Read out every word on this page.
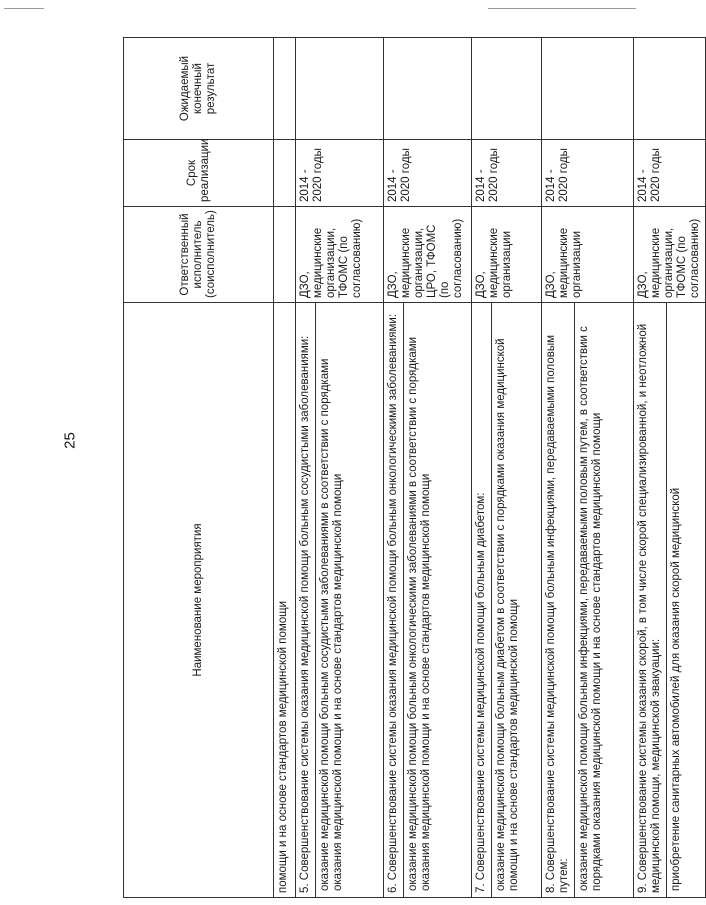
25
Наименование мероприятия	Ответственный исполнитель (соисполнитель)	Срок реализации	Ожидаемый конечный результат
помощи и на основе стандартов медицинской помощи			

5. Совершенствование системы оказания медицинской помощи больным сосудистыми заболеваниями: оказание медицинской помощи больным сосудистыми заболеваниями в соответствии с порядками оказания медицинской помощи и на основе стандартов медицинской помощи	ДЗО, медицинские организации, ТФОМС (по согласованию)	2014 - 2020 годы	

6. Совершенствование системы оказания медицинской помощи больным онкологическими заболеваниями: оказание медицинской помощи больным онкологическими заболеваниями в соответствии с порядками оказания медицинской помощи и на основе стандартов медицинской помощи	ДЗО, медицинские организации, ЦРО, ТФОМС (по согласованию)	2014 - 2020 годы	

7. Совершенствование системы медицинской помощи больным диабетом: оказание медицинской помощи больным диабетом в соответствии с порядками оказания медицинской помощи и на основе стандартов медицинской помощи	ДЗО, медицинские организации	2014 - 2020 годы	

8. Совершенствование системы медицинской помощи больным инфекциями, передаваемыми половым путем: оказание медицинской помощи больным инфекциями, передаваемыми половым путем, в соответствии с порядками оказания медицинской помощи и на основе стандартов медицинской помощи	ДЗО, медицинские организации	2014 - 2020 годы	

9. Совершенствование системы оказания скорой, в том числе скорой специализированной, и неотложной медицинской помощи, медицинской эвакуации: приобретение санитарных автомобилей для оказания скорой медицинской	ДЗО, медицинские организации, ТФОМС (по согласованию)	2014 - 2020 годы	
